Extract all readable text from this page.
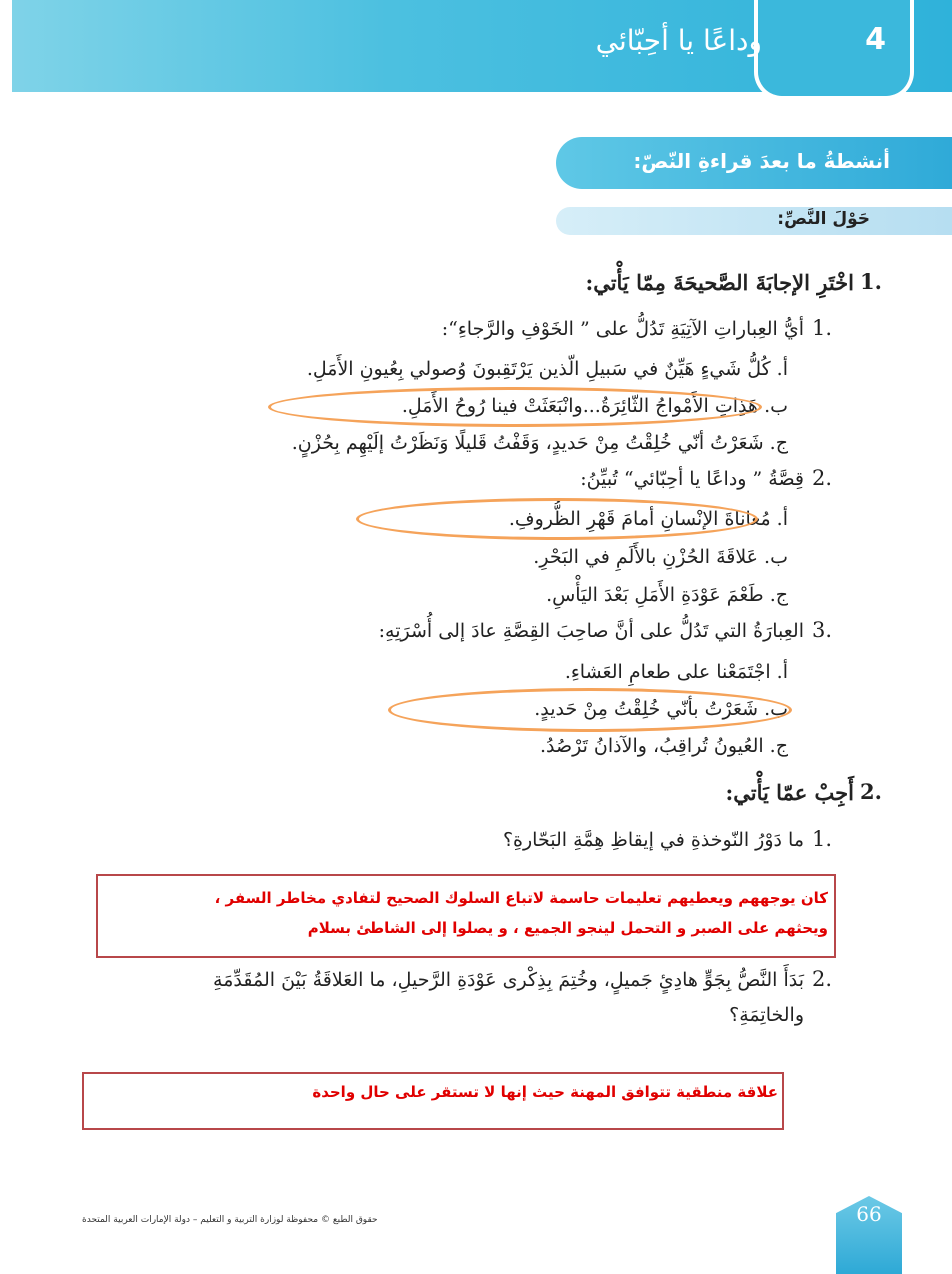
4
وداعًا يا أحِبّائي
أنشطةُ ما بعدَ قراءةِ النّصّ:
حَوْلَ النَّصِّ:
1.
اخْتَرِ الإجابَةَ الصَّحيحَةَ مِمّا يَأْتي:
1.
أيُّ العِباراتِ الآتِيَةِ تَدُلُّ على ” الخَوْفِ والرَّجاءِ“:
أ. كُلُّ شَيءٍ هَيِّنٌ في سَبيلِ الّذين يَرْتَقِبونَ وُصولي بِعُيونِ الأَمَلِ.
ب. هَذِاتِ الأَمْواجُ الثّائِرَةُ...وانْبَعَثَتْ فينا رُوحُ الأَمَلِ.
ج. شَعَرْتُ أنّي خُلِقْتُ مِنْ حَديدٍ، وَقَفْتُ قَليلًا وَنَظَرْتُ إلَيْهِم بِحُزْنٍ.
2.
قِصَّةُ ” وداعًا يا أحِبّائي“ تُبيِّنُ:
أ. مُعاناةَ الإنْسانِ أمامَ قَهْرِ الظُّروفِ.
ب. عَلاقَةَ الحُزْنِ بالأَلَمِ في البَحْرِ.
ج. طَعْمَ عَوْدَةِ الأَمَلِ بَعْدَ اليَأْسِ.
3.
العِبارَةُ التي تَدُلُّ على أنَّ صاحِبَ القِصَّةِ عادَ إلى أُسْرَتِهِ:
أ. اجْتَمَعْنا على طعامِ العَشاءِ.
ب. شَعَرْتُ بأنّي خُلِقْتُ مِنْ حَديدٍ.
ج. العُيونُ تُراقِبُ، والآذانُ تَرْصُدُ.
2.
أَجِبْ عمّا يَأْتي:
1.
ما دَوْرُ النّوخذةِ في إيقاظِ هِمَّةِ البَحّارةِ؟
كان يوجههم ويعطيهم تعليمات حاسمة لاتباع السلوك الصحيح لتفادي مخاطر السفر ،
ويحثهم على الصبر و التحمل لينجو الجميع ، و يصلوا إلى الشاطئ بسلام
2.
بَدَأَ النَّصُّ بِجَوٍّ هادِئٍ جَميلٍ، وخُتِمَ بِذِكْرى عَوْدَةِ الرَّحيلِ، ما العَلاقَةُ بَيْنَ المُقَدِّمَةِ
والخاتِمَةِ؟
علاقة منطقية تتوافق المهنة حيث إنها لا تستقر على حال واحدة
حقوق الطبع © محفوظة لوزارة التربية و التعليم – دولة الإمارات العربية المتحدة	66
